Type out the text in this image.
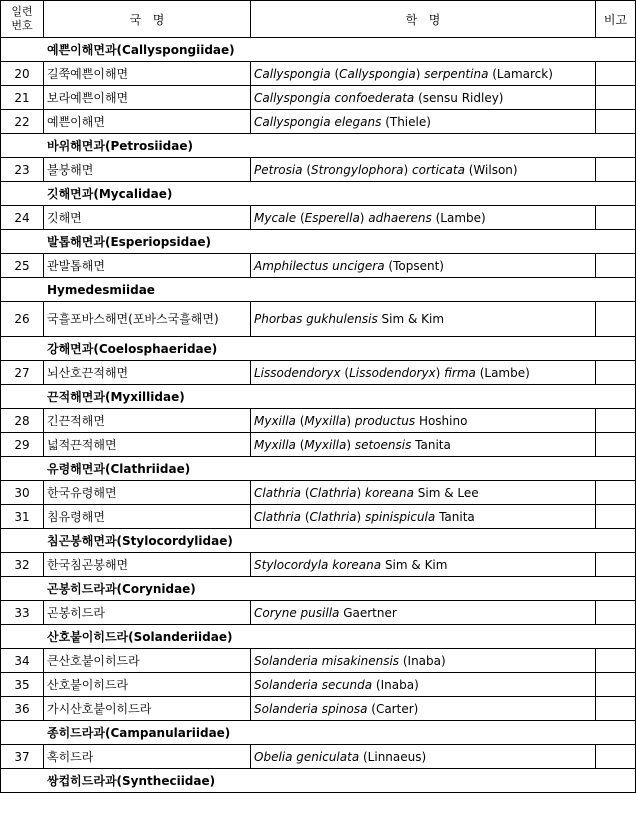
일련
번호	국   명	학   명	비고
예쁜이해면과(Callyspongiidae)			
20	길쭉예쁜이해면	Callyspongia (Callyspongia) serpentina (Lamarck)	
21	보라예쁜이해면	Callyspongia confoederata (sensu Ridley)	
22	예쁜이해면	Callyspongia elegans (Thiele)	
바위해면과(Petrosiidae)			
23	불붕해면	Petrosia (Strongylophora) corticata (Wilson)	
깃해면과(Mycalidae)			
24	깃해면	Mycale (Esperella) adhaerens (Lambe)	
발톱해면과(Esperiopsidae)			
25	관발톱해면	Amphilectus uncigera (Topsent)	
Hymedesmiidae			
26	국흘포바스해면(포바스국흘해면)	Phorbas gukhulensis Sim & Kim	
강해면과(Coelosphaeridae)			
27	뇌산호끈적해면	Lissodendoryx (Lissodendoryx) firma (Lambe)	
끈적해면과(Myxillidae)			
28	긴끈적해면	Myxilla (Myxilla) productus Hoshino	
29	넓적끈적해면	Myxilla (Myxilla) setoensis Tanita	
유령해면과(Clathriidae)			
30	한국유령해면	Clathria (Clathria) koreana Sim & Lee	
31	침유령해면	Clathria (Clathria) spinispicula Tanita	
침곤봉해면과(Stylocordylidae)			
32	한국침곤봉해면	Stylocordyla koreana Sim & Kim	
곤봉히드라과(Corynidae)			
33	곤봉히드라	Coryne pusilla Gaertner	
산호붙이히드라(Solanderiidae)			
34	큰산호붙이히드라	Solanderia misakinensis (Inaba)	
35	산호붙이히드라	Solanderia secunda (Inaba)	
36	가시산호붙이히드라	Solanderia spinosa (Carter)	
종히드라과(Campanulariidae)			
37	혹히드라	Obelia geniculata (Linnaeus)	
쌍컵히드라과(Syntheciidae)			
